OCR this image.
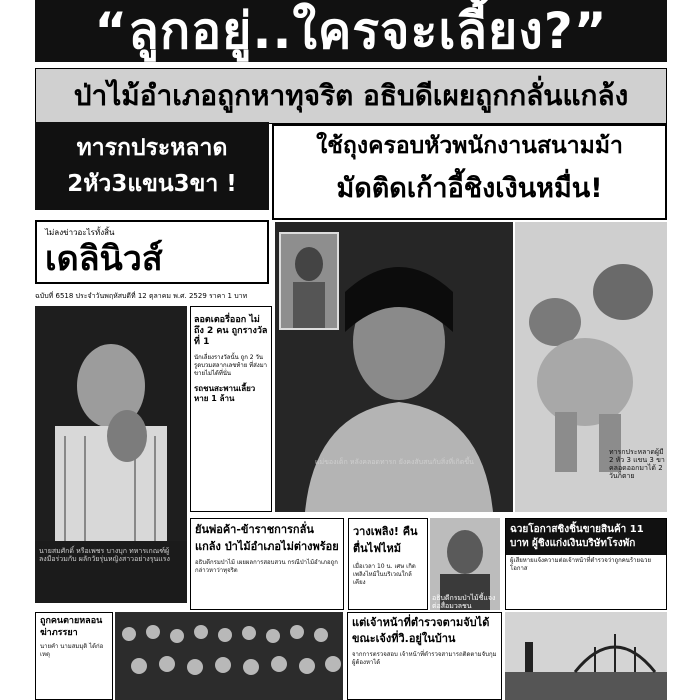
“ลูกอยู่..ใครจะเลี้ยง?”
ป่าไม้อำเภอถูกหาทุจริต อธิบดีเผยถูกกลั่นแกล้ง
ทารกประหลาด
2หัว3แขน3ขา !
ใช้ถุงครอบหัวพนักงานสนามม้า
มัดติดเก้าอี้ชิงเงินหมื่น!
ไม่ลงข่าวอะไรทั้งสิ้น
เดลินิวส์
ฉบับที่ 6518 ประจำวันพฤหัสบดีที่ 12 ตุลาคม พ.ศ. 2529 ราคา 1 บาท
นายสมศักดิ์ หรือเพชร บางบุก ทหารเกณฑ์ผู้ลงมือร่วมกับ ผลักวัยรุ่นหญิงสาวอย่างรุนแรง
ลอตเตอรี่ออก ไม่ถึง 2 คน ถูกรางวัลที่ 1
นักเลี่ยงรางวัลนั้น ถูก 2 วันรูดบวมสลากเลขท้าย ที่ส่งมาขายไม่ได้ที่นั่น
รถชนสะพานเลี้ยวหาย 1 ล้าน
แม่ของเด็ก หลังคลอดทารก ยังคงสับสนกับสิ่งที่เกิดขึ้น
ทารกประหลาดผู้มี 2 หัว 3 แขน 3 ขา คลอดออกมาได้ 2 วันก็ตาย
ยันพ่อค้า-ข้าราชการกลั่นแกล้ง ป่าไม้อำเภอไม่ต่างพร้อย
อธิบดีกรมป่าไม้ เผยผลการสอบสวน กรณีป่าไม้อำเภอถูกกล่าวหาว่าทุจริต
วางเพลิง! คืนตื่นไฟไหม้
เมื่อเวลา 10 น. เศษ เกิดเพลิงไหม้ในบริเวณใกล้เคียง
อธิบดีกรมป่าไม้ชี้แจงต่อสื่อมวลชน
ฉวยโอกาสชิงชิ้นขายสินค้า 11 บาท ผู้ชิงแก่งเงินบริษัทโรงพัก
ผู้เสียหายแจ้งความต่อเจ้าหน้าที่ตำรวจว่าถูกคนร้ายฉวยโอกาส
ถูกคนตายหลอน ฆ่าภรรยา
นายคำ นามสมมุติ ได้ก่อเหตุ
แต่เจ้าหน้าที่ตำรวจตามจับได้ ขณะเจ้งที่วิ.อยู่ในบ้าน
จากการตรวจสอบ เจ้าหน้าที่ตำรวจสามารถติดตามจับกุมผู้ต้องหาได้
